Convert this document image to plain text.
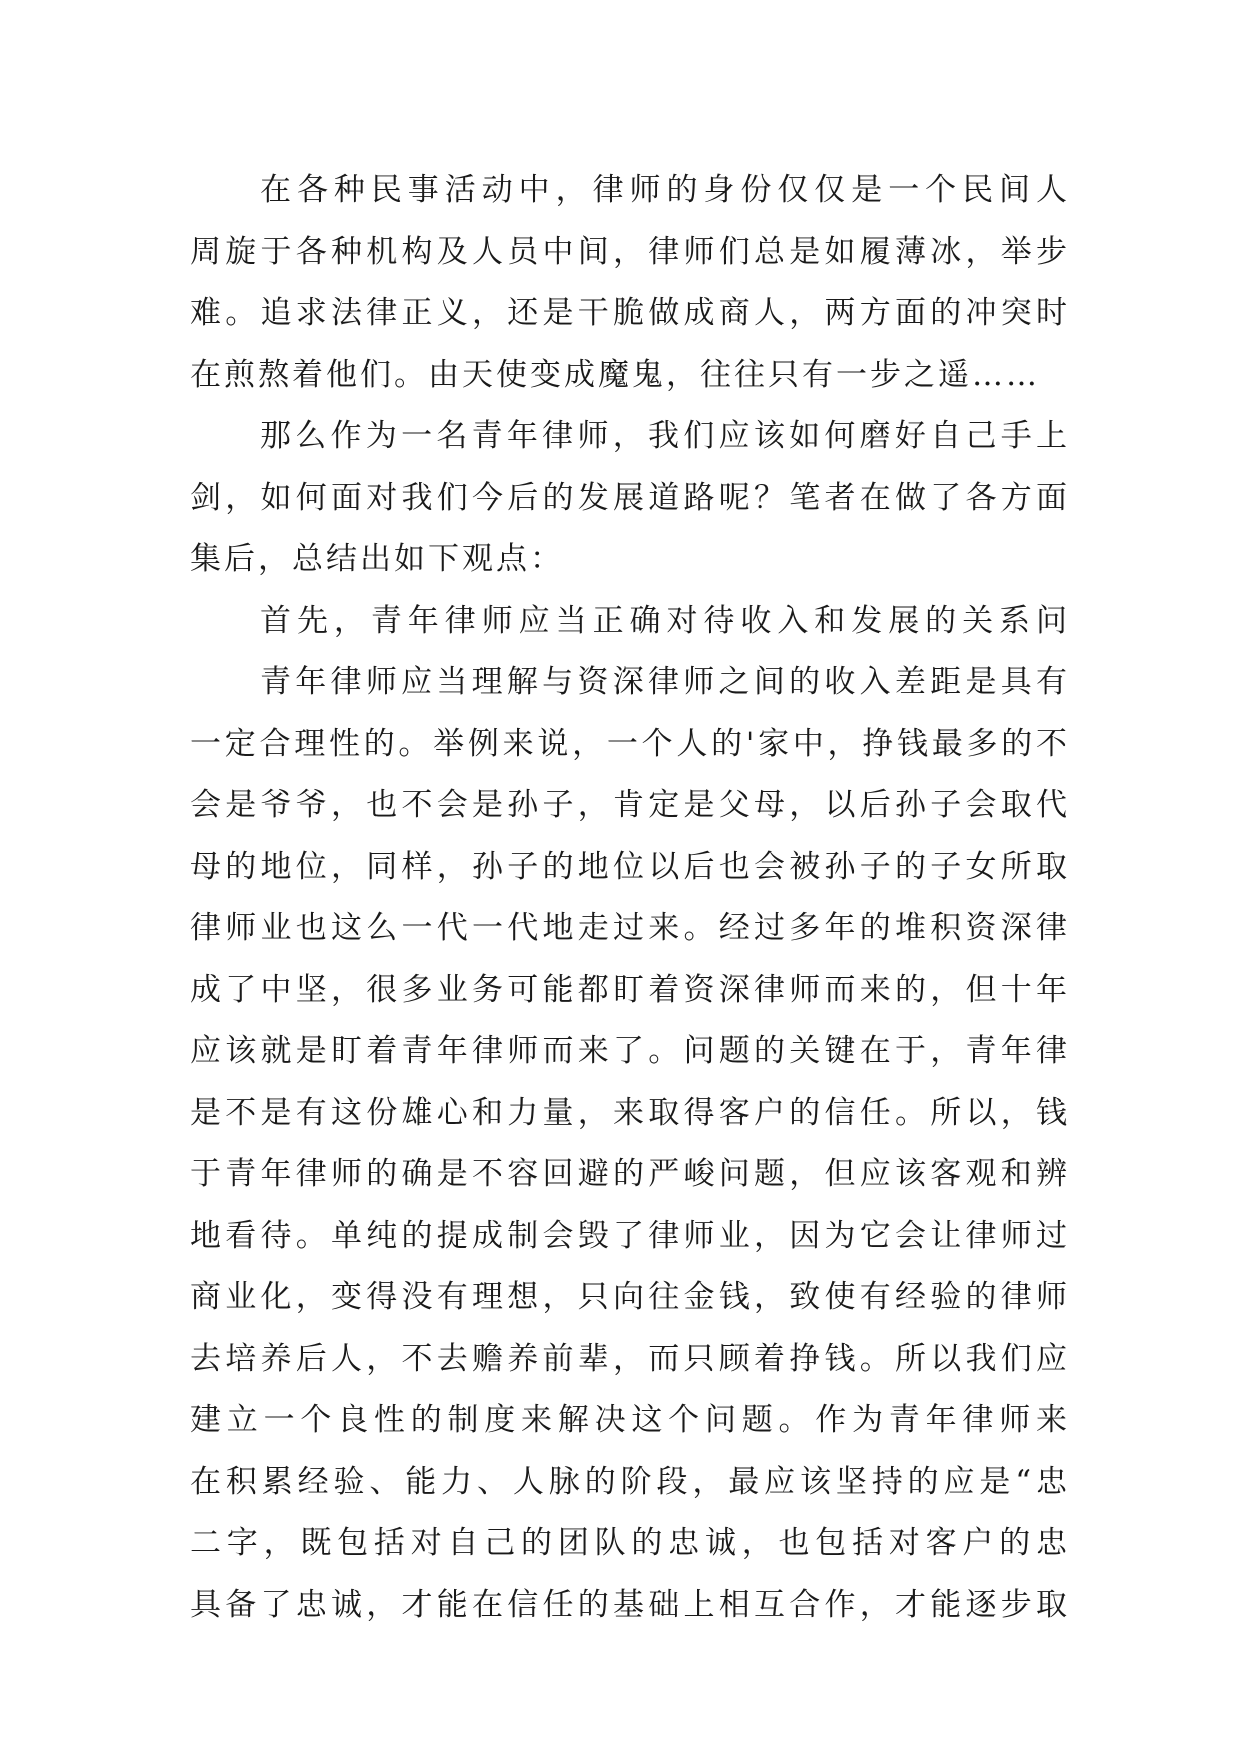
在各种民事活动中，律师的身份仅仅是一个民间人
周旋于各种机构及人员中间，律师们总是如履薄冰，举步
难。追求法律正义，还是干脆做成商人，两方面的冲突时
在煎熬着他们。由天使变成魔鬼，往往只有一步之遥……
那么作为一名青年律师，我们应该如何磨好自己手上
剑，如何面对我们今后的发展道路呢？笔者在做了各方面
集后，总结出如下观点：
首先，青年律师应当正确对待收入和发展的关系问
青年律师应当理解与资深律师之间的收入差距是具有
一定合理性的。举例来说，一个人的'家中，挣钱最多的不
会是爷爷，也不会是孙子，肯定是父母，以后孙子会取代
母的地位，同样，孙子的地位以后也会被孙子的子女所取
律师业也这么一代一代地走过来。经过多年的堆积资深律
成了中坚，很多业务可能都盯着资深律师而来的，但十年
应该就是盯着青年律师而来了。问题的关键在于，青年律
是不是有这份雄心和力量，来取得客户的信任。所以，钱
于青年律师的确是不容回避的严峻问题，但应该客观和辨
地看待。单纯的提成制会毁了律师业，因为它会让律师过
商业化，变得没有理想，只向往金钱，致使有经验的律师
去培养后人，不去赡养前辈，而只顾着挣钱。所以我们应
建立一个良性的制度来解决这个问题。作为青年律师来
在积累经验、能力、人脉的阶段，最应该坚持的应是“忠
二字，既包括对自己的团队的忠诚，也包括对客户的忠
具备了忠诚，才能在信任的基础上相互合作，才能逐步取
